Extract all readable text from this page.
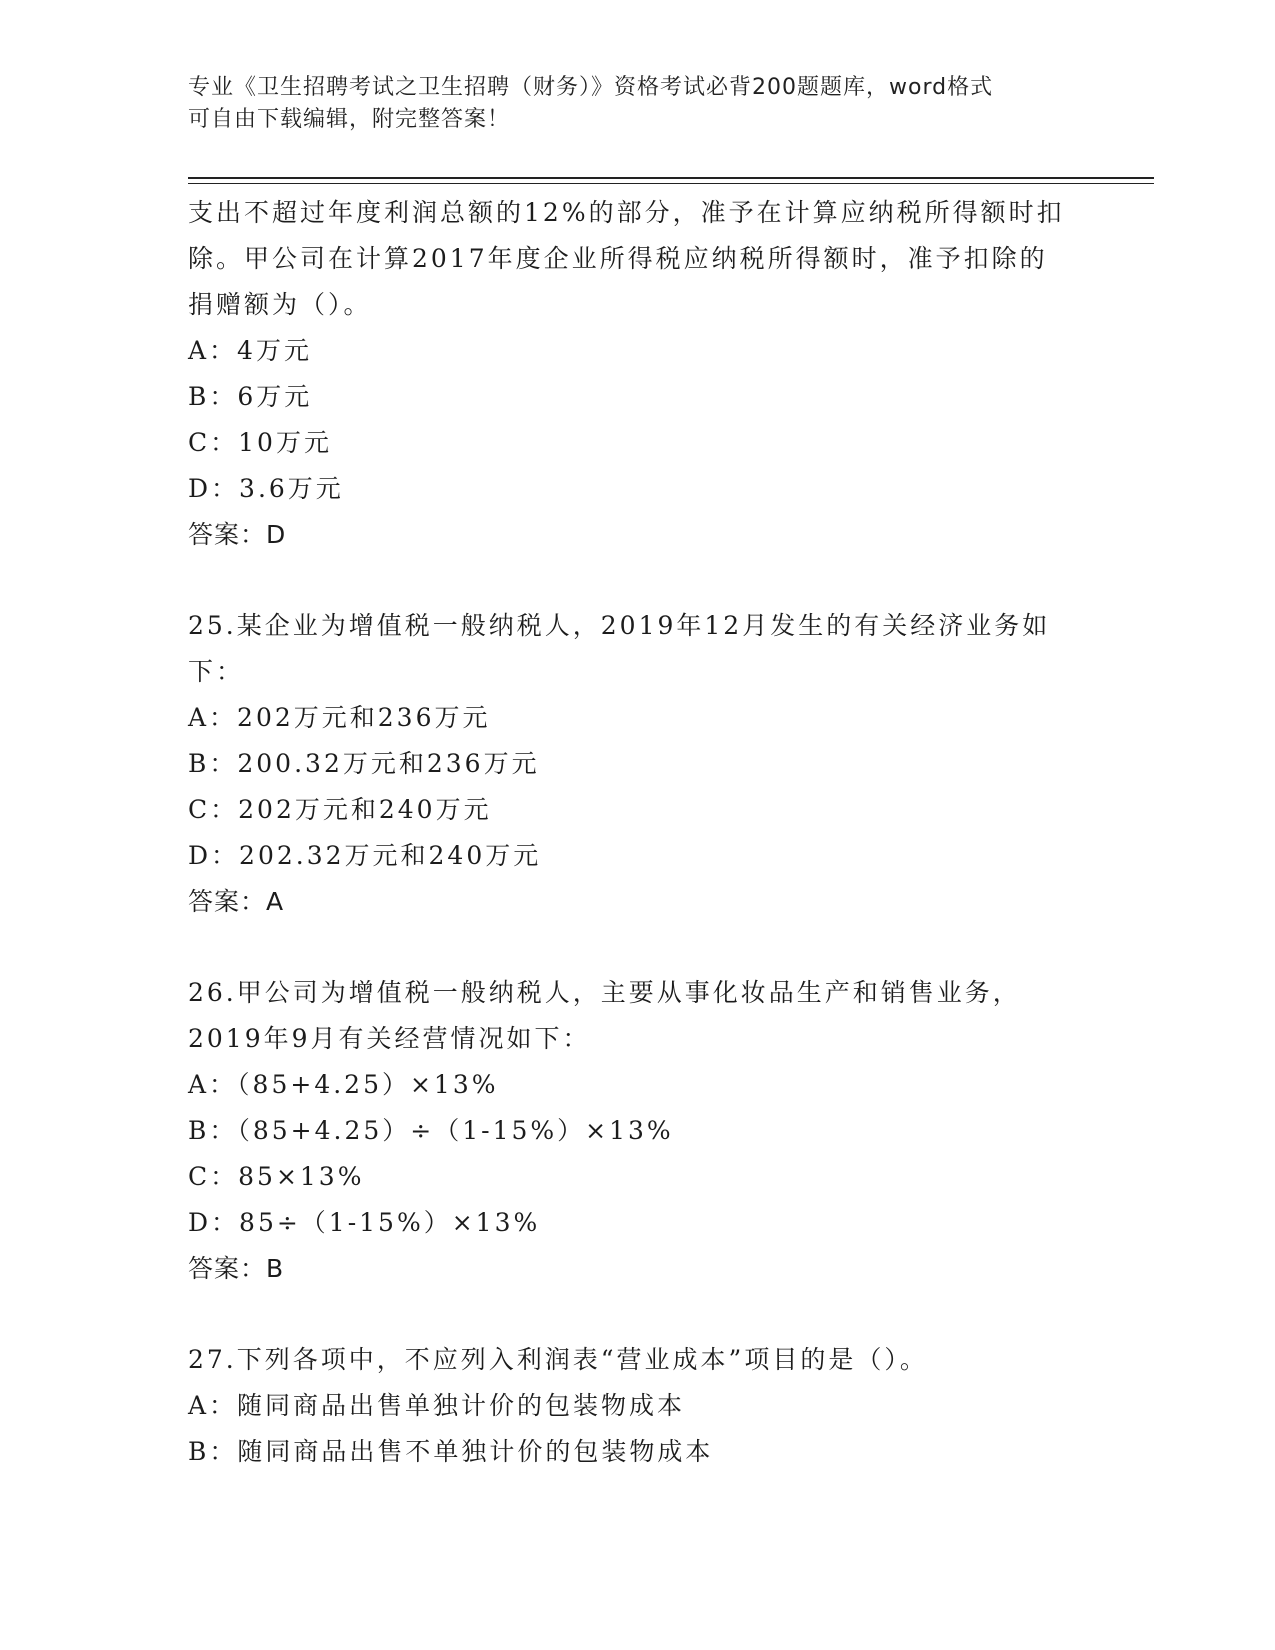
专业《卫生招聘考试之卫生招聘（财务）》资格考试必背200题题库，word格式
可自由下载编辑，附完整答案！
支出不超过年度利润总额的12%的部分，准予在计算应纳税所得额时扣
除。甲公司在计算2017年度企业所得税应纳税所得额时，准予扣除的
捐赠额为（）。
A：4万元
B：6万元
C：10万元
D：3.6万元
答案：D
25.某企业为增值税一般纳税人，2019年12月发生的有关经济业务如
下：
A：202万元和236万元
B：200.32万元和236万元
C：202万元和240万元
D：202.32万元和240万元
答案：A
26.甲公司为增值税一般纳税人，主要从事化妆品生产和销售业务，
2019年9月有关经营情况如下：
A：（85+4.25）×13%
B：（85+4.25）÷（1-15%）×13%
C：85×13%
D：85÷（1-15%）×13%
答案：B
27.下列各项中，不应列入利润表“营业成本”项目的是（）。
A：随同商品出售单独计价的包装物成本
B：随同商品出售不单独计价的包装物成本
